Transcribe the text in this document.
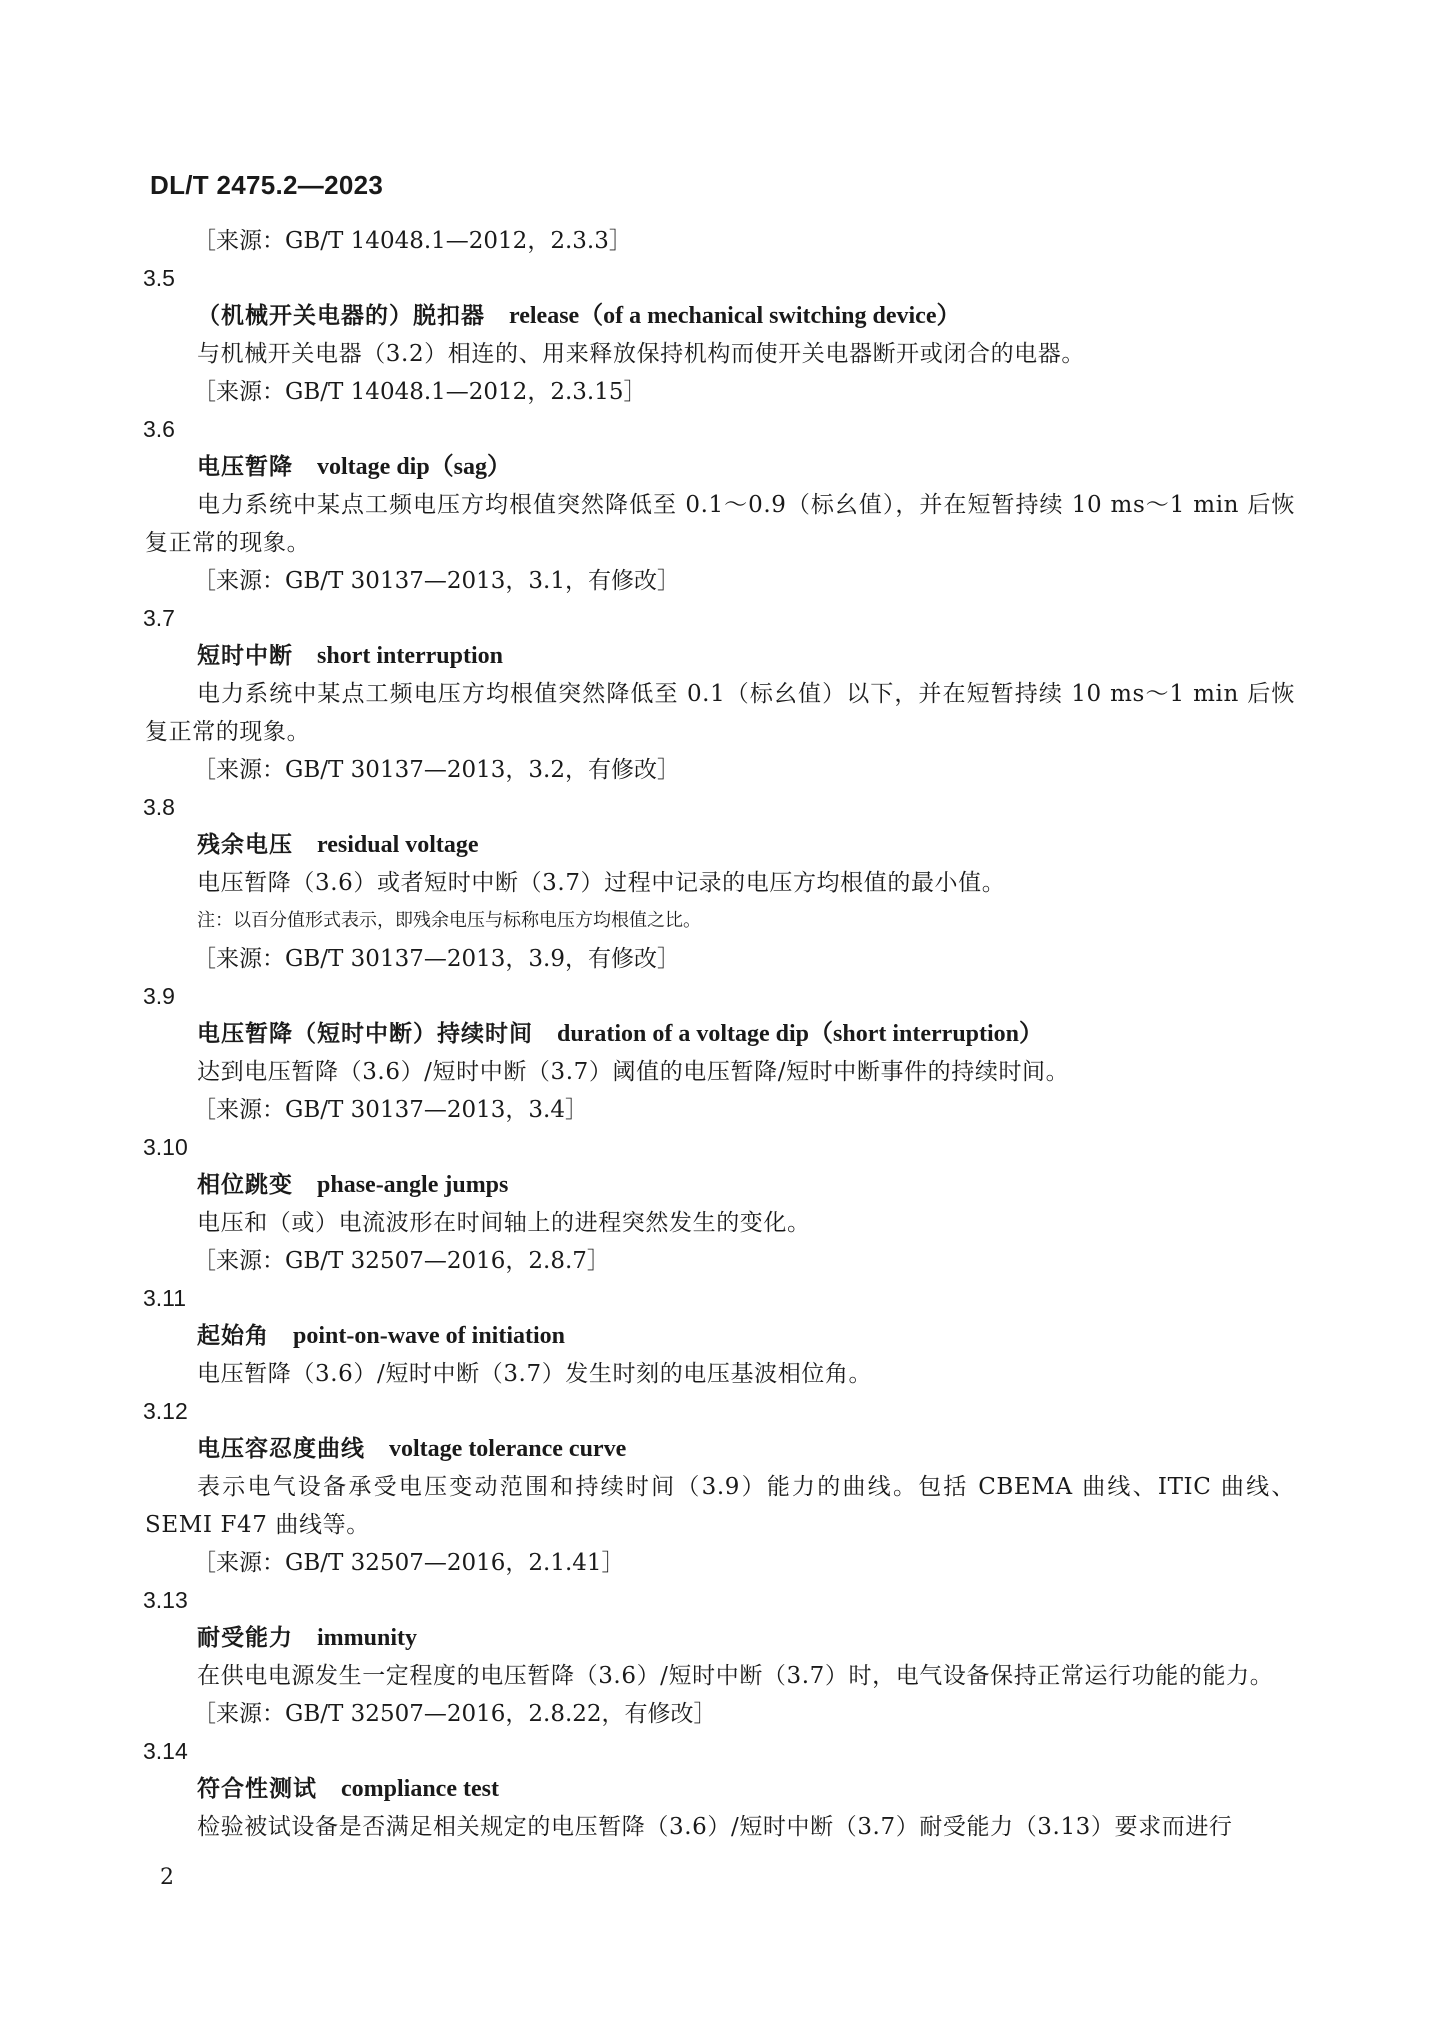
DL/T 2475.2—2023
［来源：GB/T 14048.1—2012，2.3.3］
3.5
（机械开关电器的）脱扣器 release（of a mechanical switching device）
与机械开关电器（3.2）相连的、用来释放保持机构而使开关电器断开或闭合的电器。
［来源：GB/T 14048.1—2012，2.3.15］
3.6
电压暂降 voltage dip（sag）
电力系统中某点工频电压方均根值突然降低至 0.1～0.9（标幺值），并在短暂持续 10 ms～1 min 后恢复正常的现象。
［来源：GB/T 30137—2013，3.1，有修改］
3.7
短时中断 short interruption
电力系统中某点工频电压方均根值突然降低至 0.1（标幺值）以下，并在短暂持续 10 ms～1 min 后恢复正常的现象。
［来源：GB/T 30137—2013，3.2，有修改］
3.8
残余电压 residual voltage
电压暂降（3.6）或者短时中断（3.7）过程中记录的电压方均根值的最小值。
注：以百分值形式表示，即残余电压与标称电压方均根值之比。
［来源：GB/T 30137—2013，3.9，有修改］
3.9
电压暂降（短时中断）持续时间 duration of a voltage dip（short interruption）
达到电压暂降（3.6）/短时中断（3.7）阈值的电压暂降/短时中断事件的持续时间。
［来源：GB/T 30137—2013，3.4］
3.10
相位跳变 phase-angle jumps
电压和（或）电流波形在时间轴上的进程突然发生的变化。
［来源：GB/T 32507—2016，2.8.7］
3.11
起始角 point-on-wave of initiation
电压暂降（3.6）/短时中断（3.7）发生时刻的电压基波相位角。
3.12
电压容忍度曲线 voltage tolerance curve
表示电气设备承受电压变动范围和持续时间（3.9）能力的曲线。包括 CBEMA 曲线、ITIC 曲线、SEMI F47 曲线等。
［来源：GB/T 32507—2016，2.1.41］
3.13
耐受能力 immunity
在供电电源发生一定程度的电压暂降（3.6）/短时中断（3.7）时，电气设备保持正常运行功能的能力。
［来源：GB/T 32507—2016，2.8.22，有修改］
3.14
符合性测试 compliance test
检验被试设备是否满足相关规定的电压暂降（3.6）/短时中断（3.7）耐受能力（3.13）要求而进行
2
